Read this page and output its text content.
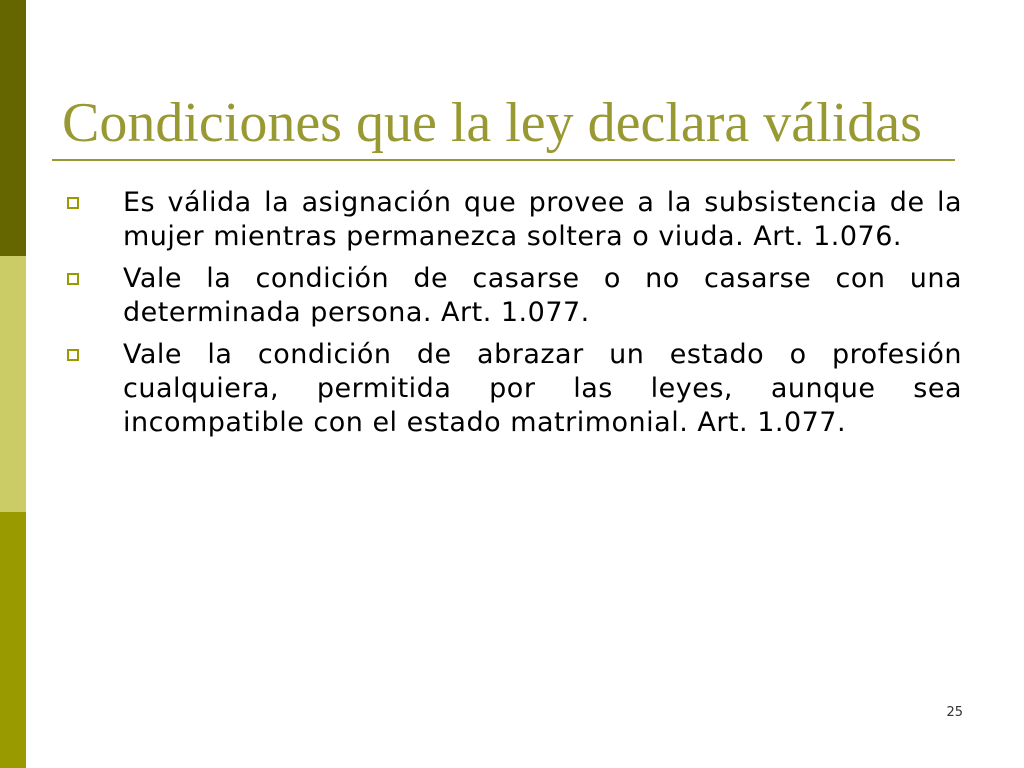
Condiciones que la ley declara válidas
Es válida la asignación que provee a la subsistencia de la
mujer mientras permanezca soltera o viuda. Art. 1.076.
Vale la condición de casarse o no casarse con una
determinada persona. Art. 1.077.
Vale la condición de abrazar un estado o profesión
cualquiera, permitida por las leyes, aunque sea
incompatible con el estado matrimonial. Art. 1.077.
25
